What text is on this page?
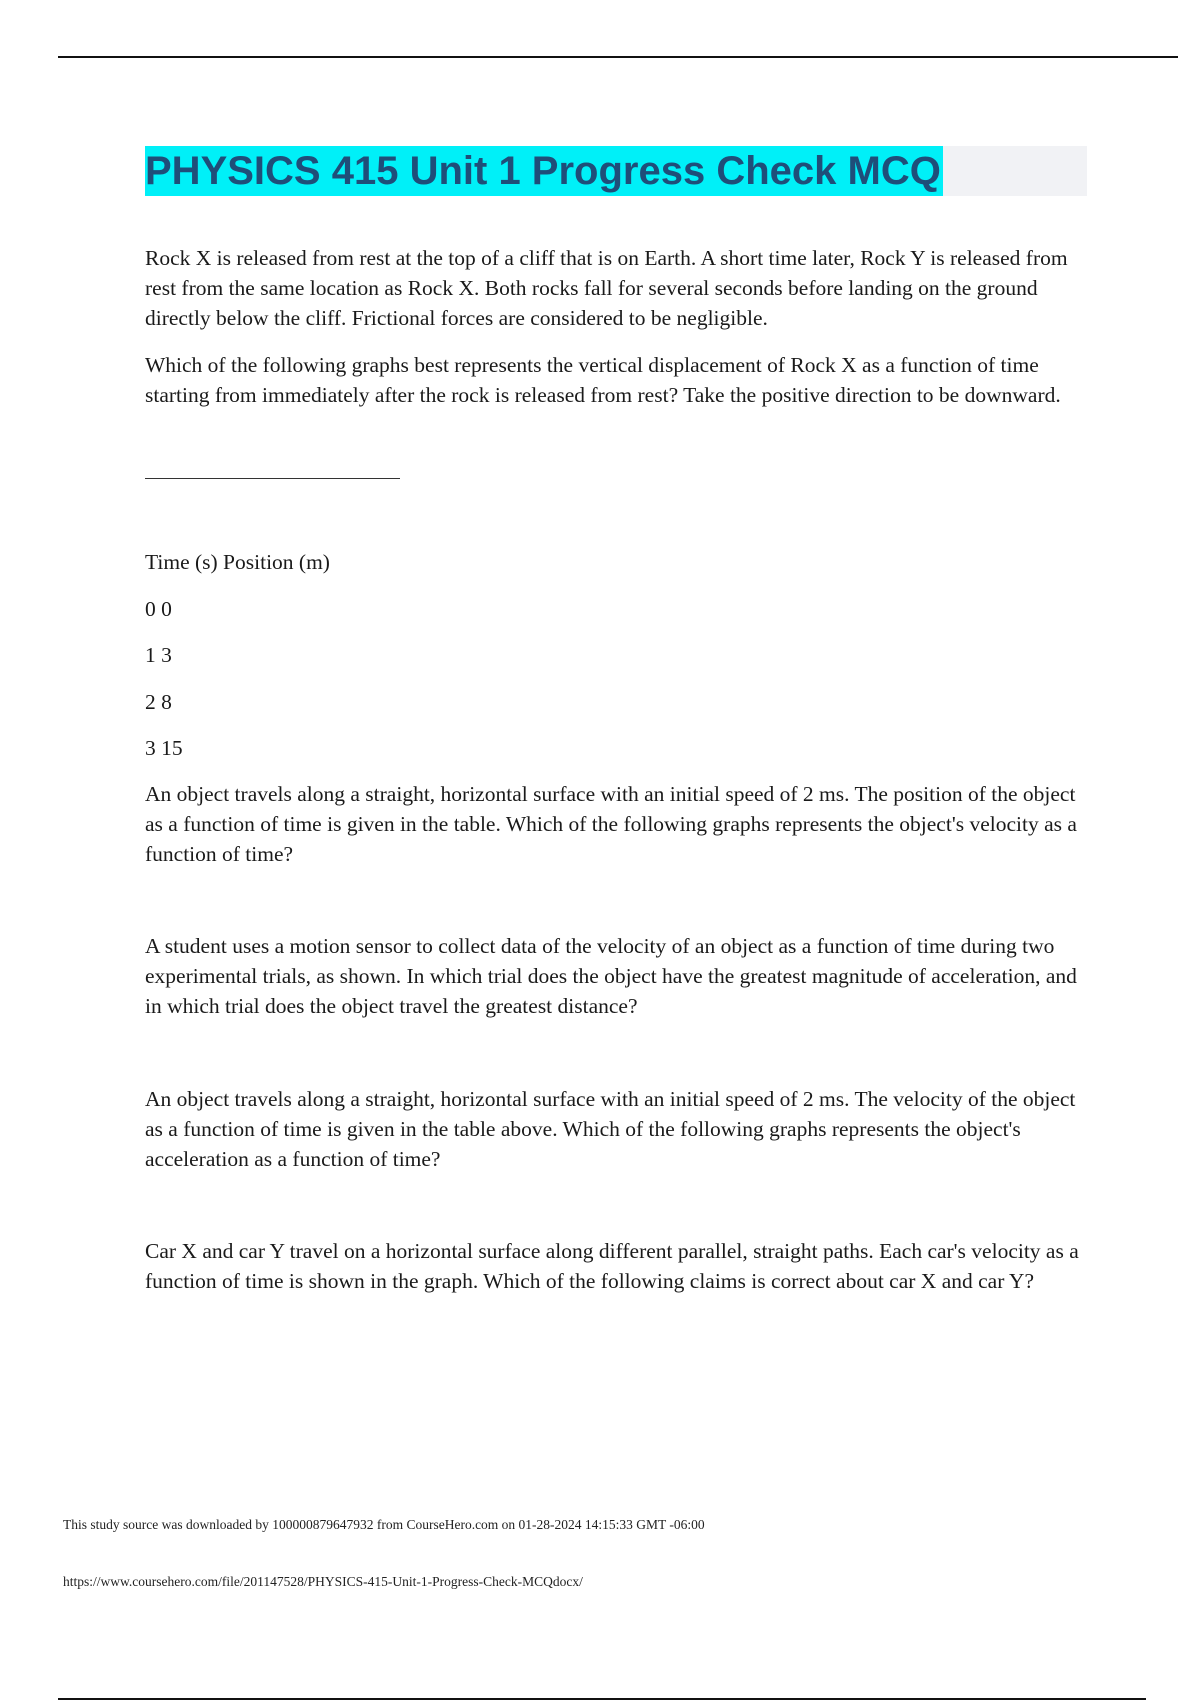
PHYSICS 415 Unit 1 Progress Check MCQ

Rock X is released from rest at the top of a cliff that is on Earth. A short time later, Rock Y is released from rest from the same location as Rock X. Both rocks fall for several seconds before landing on the ground directly below the cliff. Frictional forces are considered to be negligible.

Which of the following graphs best represents the vertical displacement of Rock X as a function of time starting from immediately after the rock is released from rest? Take the positive direction to be downward.

Time (s) Position (m)

0 0

1 3

2 8

3 15

An object travels along a straight, horizontal surface with an initial speed of 2 ms. The position of the object as a function of time is given in the table. Which of the following graphs represents the object's velocity as a function of time?

A student uses a motion sensor to collect data of the velocity of an object as a function of time during two experimental trials, as shown. In which trial does the object have the greatest magnitude of acceleration, and in which trial does the object travel the greatest distance?

An object travels along a straight, horizontal surface with an initial speed of 2 ms. The velocity of the object as a function of time is given in the table above. Which of the following graphs represents the object's acceleration as a function of time?

Car X and car Y travel on a horizontal surface along different parallel, straight paths. Each car's velocity as a function of time is shown in the graph. Which of the following claims is correct about car X and car Y?

This study source was downloaded by 100000879647932 from CourseHero.com on 01-28-2024 14:15:33 GMT -06:00
https://www.coursehero.com/file/201147528/PHYSICS-415-Unit-1-Progress-Check-MCQdocx/
